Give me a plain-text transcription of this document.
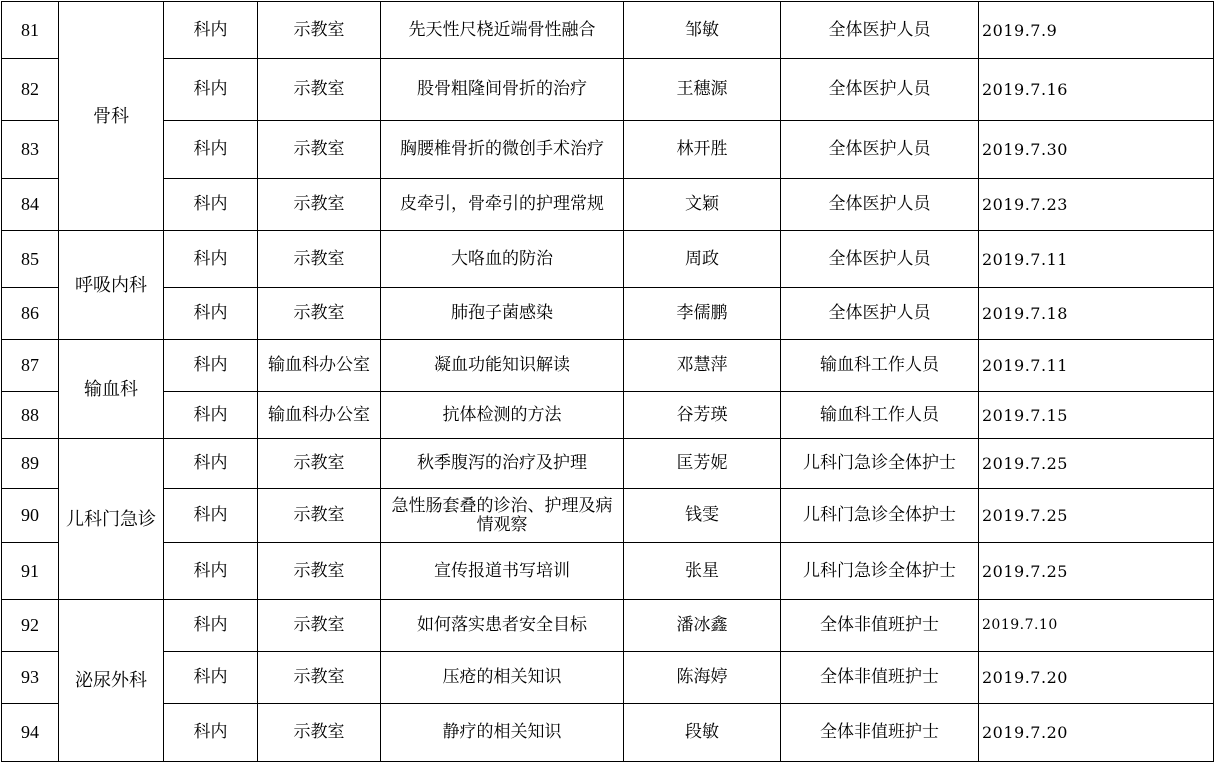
81	骨科	科内	示教室	先天性尺桡近端骨性融合	邹敏	全体医护人员	2019.7.9
82		科内	示教室	股骨粗隆间骨折的治疗	王穗源	全体医护人员	2019.7.16
83		科内	示教室	胸腰椎骨折的微创手术治疗	林开胜	全体医护人员	2019.7.30
84		科内	示教室	皮牵引，骨牵引的护理常规	文颖	全体医护人员	2019.7.23
85	呼吸内科	科内	示教室	大咯血的防治	周政	全体医护人员	2019.7.11
86		科内	示教室	肺孢子菌感染	李儒鹏	全体医护人员	2019.7.18
87	输血科	科内	输血科办公室	凝血功能知识解读	邓慧萍	输血科工作人员	2019.7.11
88		科内	输血科办公室	抗体检测的方法	谷芳瑛	输血科工作人员	2019.7.15
89	儿科门急诊	科内	示教室	秋季腹泻的治疗及护理	匡芳妮	儿科门急诊全体护士	2019.7.25
90		科内	示教室	急性肠套叠的诊治、护理及病情观察	钱雯	儿科门急诊全体护士	2019.7.25
91		科内	示教室	宣传报道书写培训	张星	儿科门急诊全体护士	2019.7.25
92	泌尿外科	科内	示教室	如何落实患者安全目标	潘冰鑫	全体非值班护士	2019.7.10
93		科内	示教室	压疮的相关知识	陈海婷	全体非值班护士	2019.7.20
94		科内	示教室	静疗的相关知识	段敏	全体非值班护士	2019.7.20
